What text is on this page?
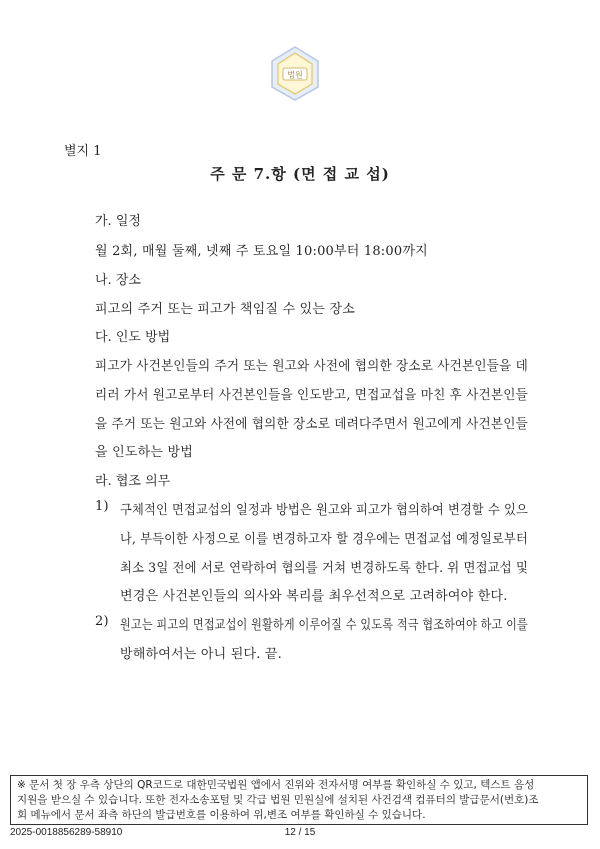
법원
별지 1
주 문 7.항 (면 접 교 섭)
가. 일정
월 2회, 매월 둘째, 넷째 주 토요일 10:00부터 18:00까지
나. 장소
피고의 주거 또는 피고가 책임질 수 있는 장소
다. 인도 방법
피고가 사건본인들의 주거 또는 원고와 사전에 협의한 장소로 사건본인들을 데
리러 가서 원고로부터 사건본인들을 인도받고, 면접교섭을 마친 후 사건본인들
을 주거 또는 원고와 사전에 협의한 장소로 데려다주면서 원고에게 사건본인들
을 인도하는 방법
라. 협조 의무
1) 구체적인 면접교섭의 일정과 방법은 원고와 피고가 협의하여 변경할 수 있으
나, 부득이한 사정으로 이를 변경하고자 할 경우에는 면접교섭 예정일로부터
최소 3일 전에 서로 연락하여 협의를 거쳐 변경하도록 한다. 위 면접교섭 및
변경은 사건본인들의 의사와 복리를 최우선적으로 고려하여야 한다.
2) 원고는 피고의 면접교섭이 원활하게 이루어질 수 있도록 적극 협조하여야 하고 이를
방해하여서는 아니 된다. 끝.
※ 문서 첫 장 우측 상단의 QR코드로 대한민국법원 앱에서 진위와 전자서명 여부를 확인하실 수 있고, 텍스트 음성
지원을 받으실 수 있습니다. 또한 전자소송포털 및 각급 법원 민원실에 설치된 사건검색 컴퓨터의 발급문서(번호)조
회 메뉴에서 문서 좌측 하단의 발급번호를 이용하여 위,변조 여부를 확인하실 수 있습니다.
2025-0018856289-58910	12 / 15
